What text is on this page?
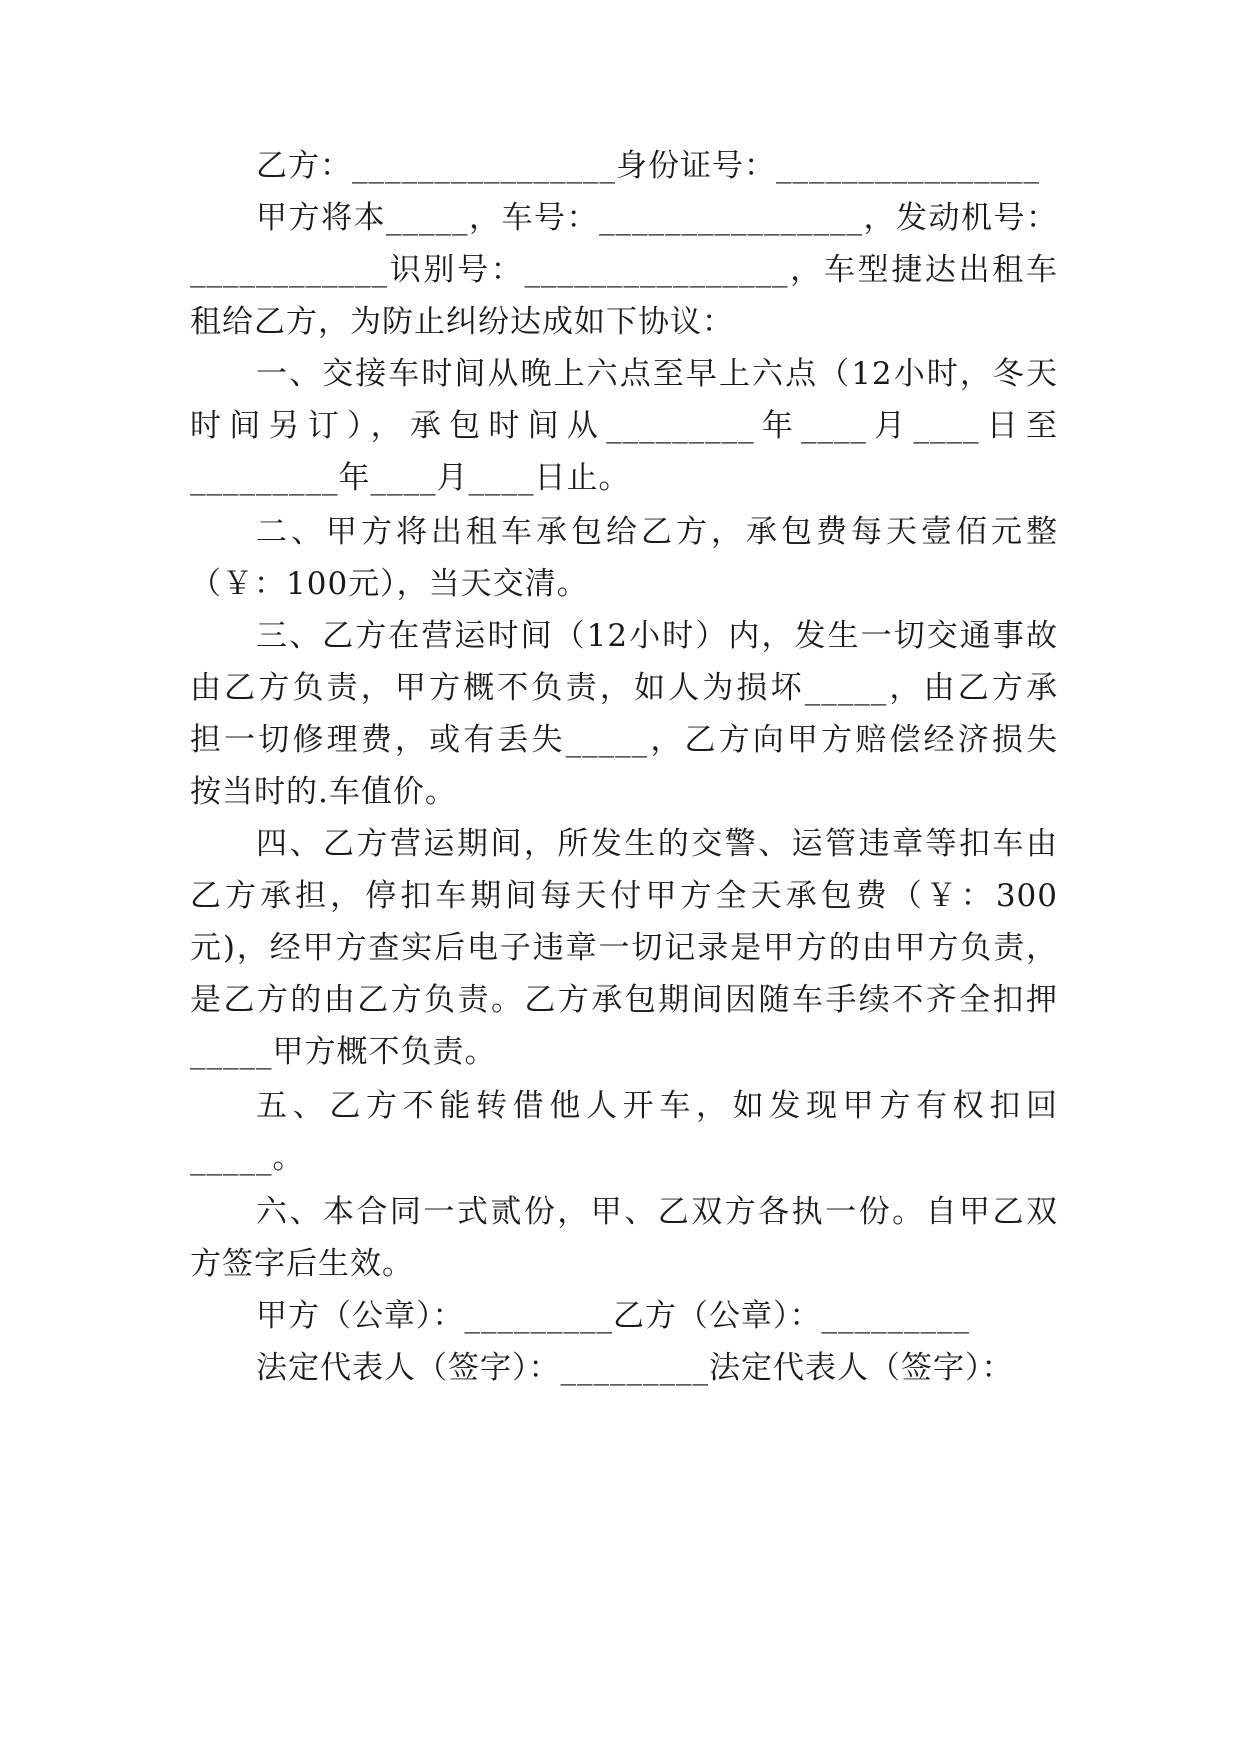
乙方：________________身份证号：________________
甲方将本_____，车号：________________，发动机号：
____________识别号：________________，车型捷达出租车
租给乙方，为防止纠纷达成如下协议：
一、交接车时间从晚上六点至早上六点（12小时，冬天
时间另订），承包时间从_________年____月____日至
_________年____月____日止。
二、甲方将出租车承包给乙方，承包费每天壹佰元整
（￥：100元），当天交清。
三、乙方在营运时间（12小时）内，发生一切交通事故
由乙方负责，甲方概不负责，如人为损坏_____，由乙方承
担一切修理费，或有丢失_____，乙方向甲方赔偿经济损失
按当时的.车值价。
四、乙方营运期间，所发生的交警、运管违章等扣车由
乙方承担，停扣车期间每天付甲方全天承包费（￥：300
元)，经甲方查实后电子违章一切记录是甲方的由甲方负责，
是乙方的由乙方负责。乙方承包期间因随车手续不齐全扣押
_____甲方概不负责。
五、乙方不能转借他人开车，如发现甲方有权扣回
_____。
六、本合同一式贰份，甲、乙双方各执一份。自甲乙双
方签字后生效。
甲方（公章）：_________乙方（公章）：_________
法定代表人（签字）：_________法定代表人（签字）：
